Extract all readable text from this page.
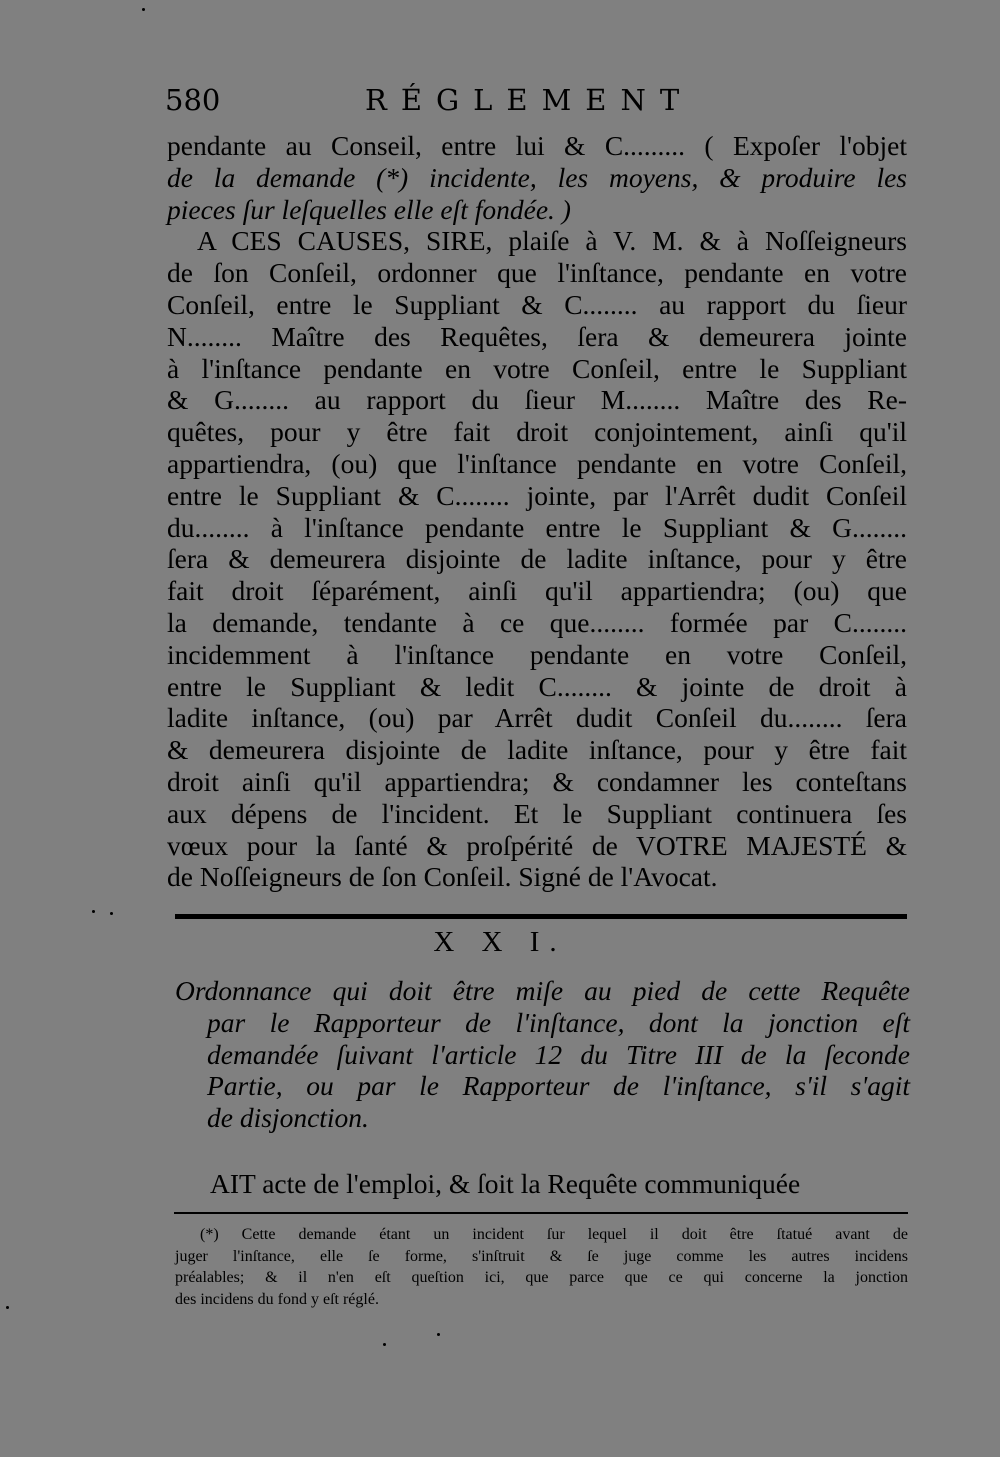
580	RÉGLEMENT
pendante au Conseil, entre lui & C......... ( Expoſer l'objet
de la demande (*) incidente, les moyens, & produire les
pieces ſur leſquelles elle eſt fondée. )
A CES CAUSES, SIRE, plaiſe à V. M. & à Noſſeigneurs
de ſon Conſeil, ordonner que l'inſtance, pendante en votre
Conſeil, entre le Suppliant & C........ au rapport du ſieur
N........ Maître des Requêtes, ſera & demeurera jointe
à l'inſtance pendante en votre Conſeil, entre le Suppliant
& G........ au rapport du ſieur M........ Maître des Re-
quêtes, pour y être fait droit conjointement, ainſi qu'il
appartiendra, (ou) que l'inſtance pendante en votre Conſeil,
entre le Suppliant & C........ jointe, par l'Arrêt dudit Conſeil
du........ à l'inſtance pendante entre le Suppliant & G........
ſera & demeurera disjointe de ladite inſtance, pour y être
fait droit ſéparément, ainſi qu'il appartiendra; (ou) que
la demande, tendante à ce que........ formée par C........
incidemment à l'inſtance pendante en votre Conſeil,
entre le Suppliant & ledit C........ & jointe de droit à
ladite inſtance, (ou) par Arrêt dudit Conſeil du........ ſera
& demeurera disjointe de ladite inſtance, pour y être fait
droit ainſi qu'il appartiendra; & condamner les conteſtans
aux dépens de l'incident. Et le Suppliant continuera ſes
vœux pour la ſanté & proſpérité de VOTRE MAJESTÉ &
de Noſſeigneurs de ſon Conſeil. Signé de l'Avocat.
X X I.
Ordonnance qui doit être miſe au pied de cette Requête
par le Rapporteur de l'inſtance, dont la jonction eſt
demandée ſuivant l'article 12 du Titre III de la ſeconde
Partie, ou par le Rapporteur de l'inſtance, s'il s'agit
de disjonction.
AIT acte de l'emploi, & ſoit la Requête communiquée
(*) Cette demande étant un incident ſur lequel il doit être ſtatué avant de
juger l'inſtance, elle ſe forme, s'inſtruit & ſe juge comme les autres incidens
préalables; & il n'en eſt queſtion ici, que parce que ce qui concerne la jonction
des incidens du fond y eſt réglé.
